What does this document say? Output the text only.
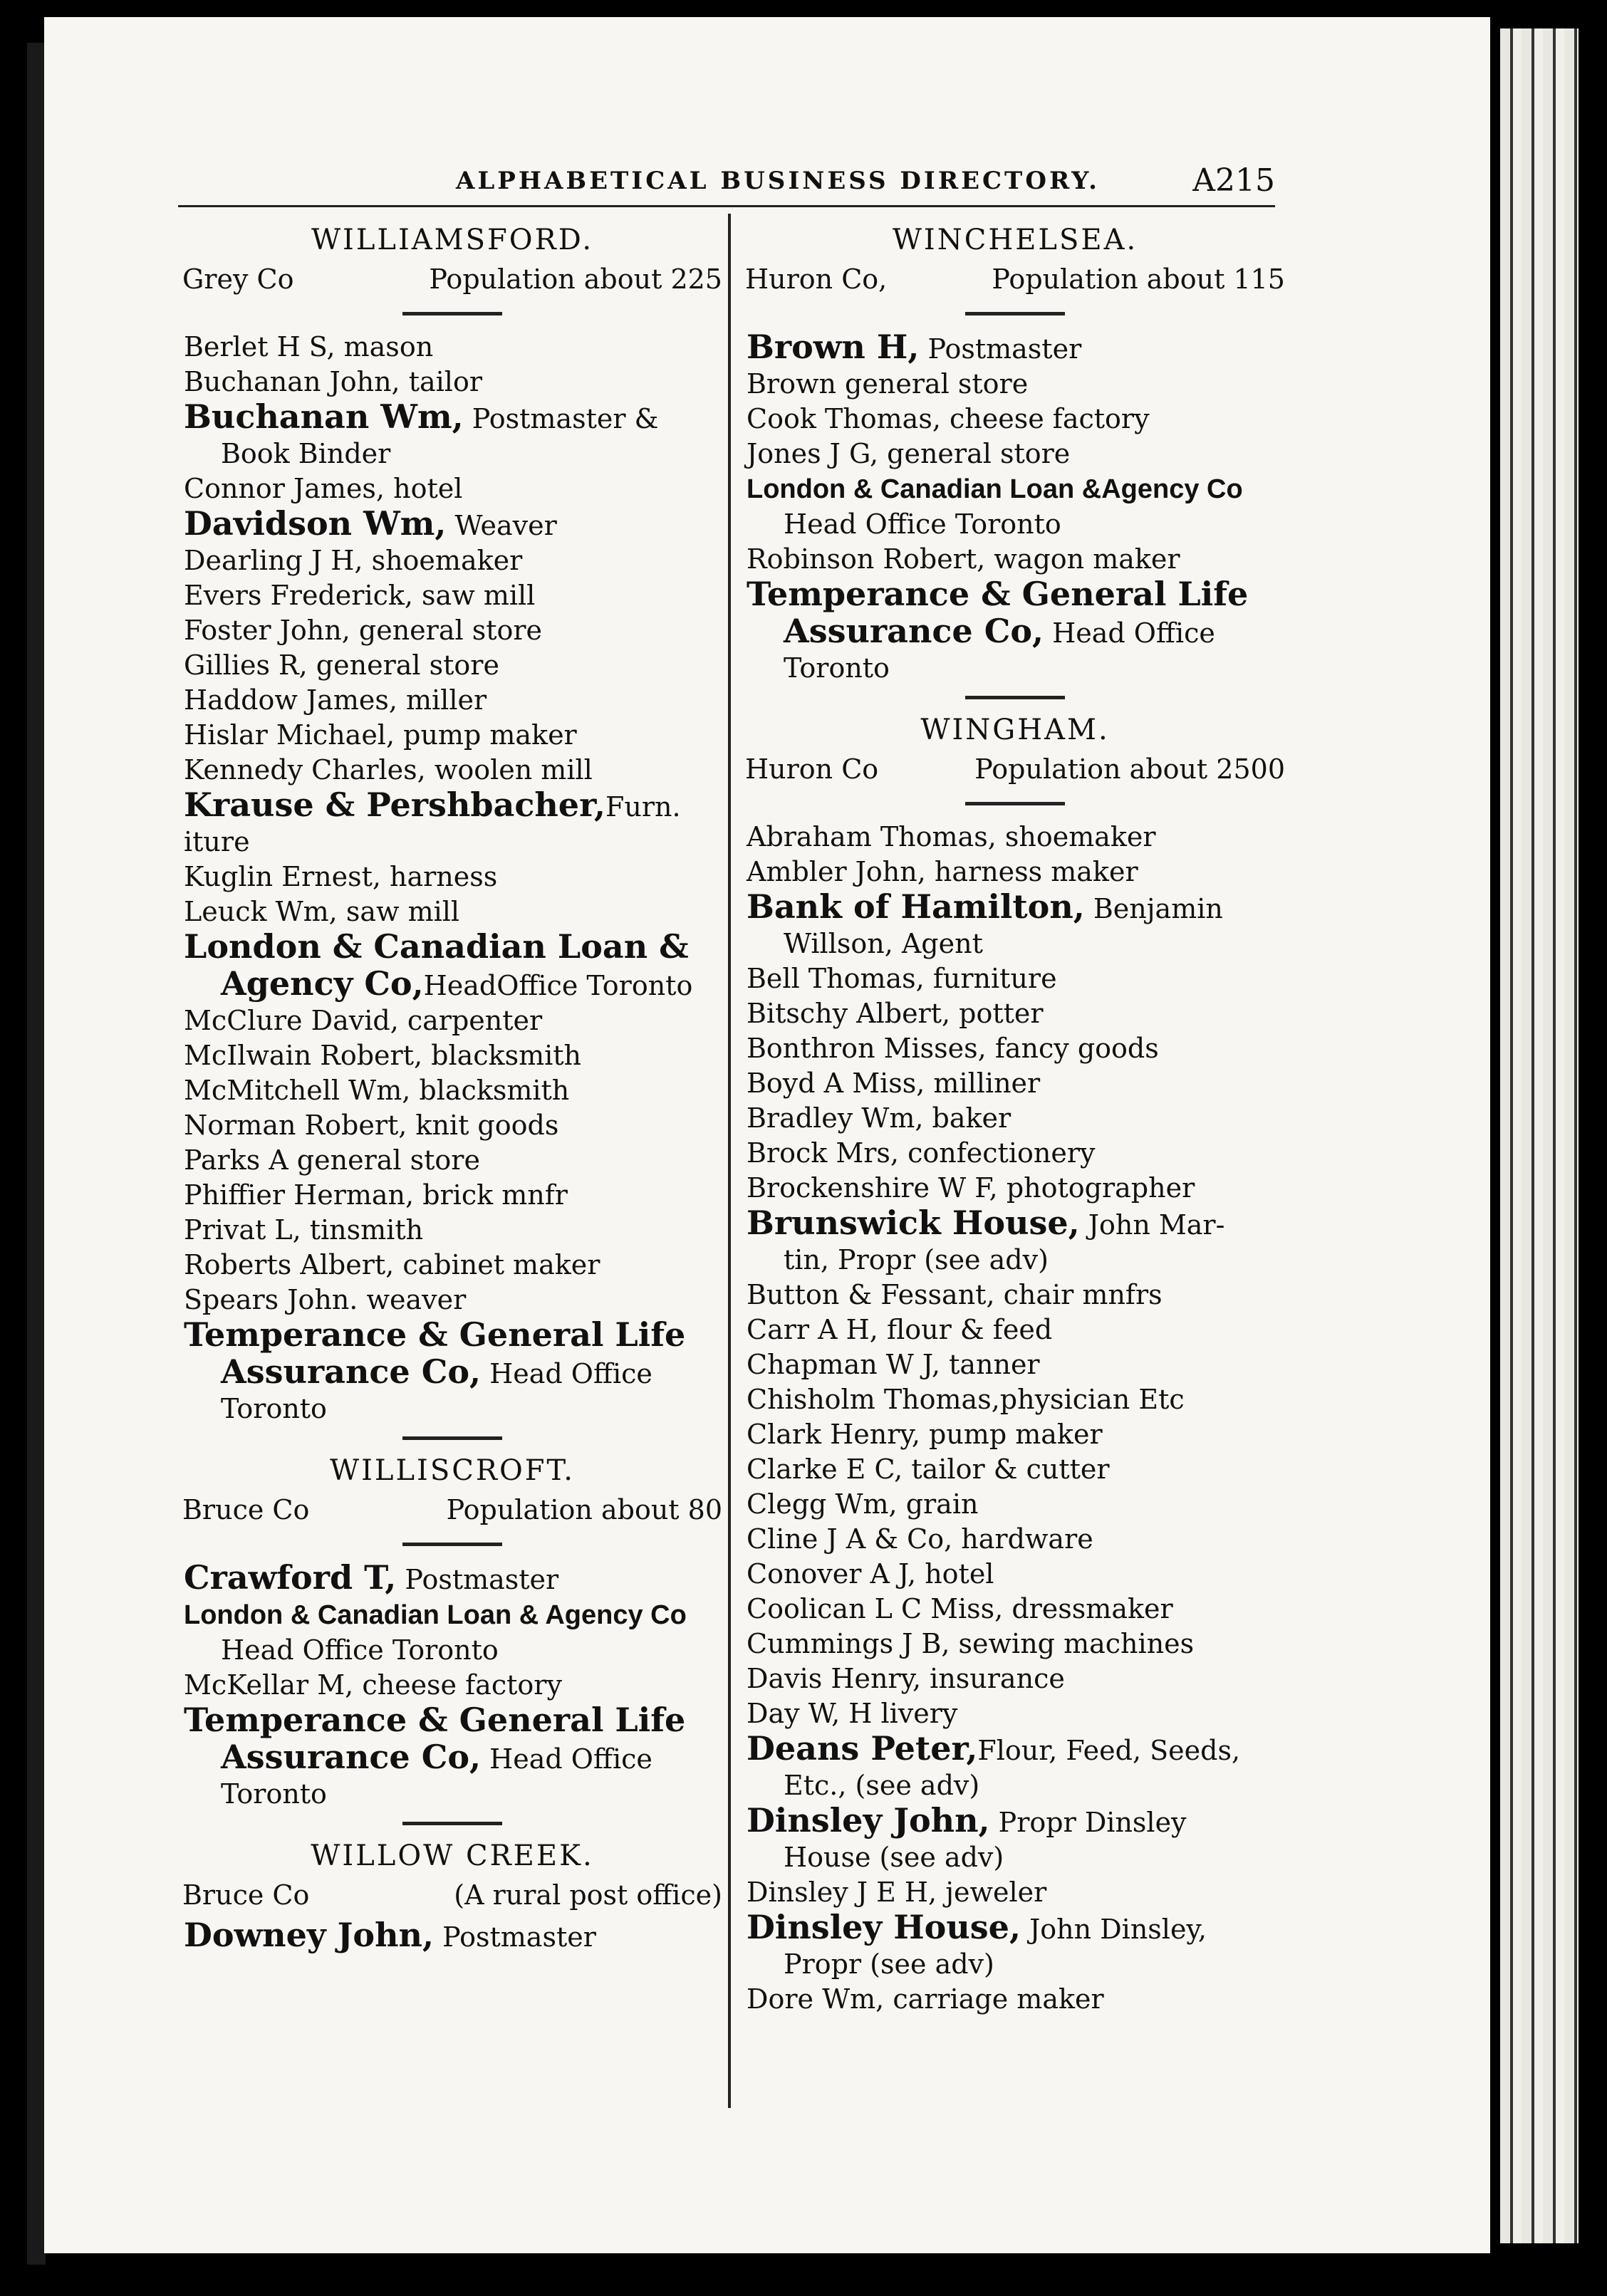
ALPHABETICAL BUSINESS DIRECTORY.	A215
WILLIAMSFORD.
Grey Co	Population about 225
Berlet H S, mason
Buchanan John, tailor
Buchanan Wm, Postmaster &
Book Binder
Connor James, hotel
Davidson Wm, Weaver
Dearling J H, shoemaker
Evers Frederick, saw mill
Foster John, general store
Gillies R, general store
Haddow James, miller
Hislar Michael, pump maker
Kennedy Charles, woolen mill
Krause & Pershbacher,Furn.
iture
Kuglin Ernest, harness
Leuck Wm, saw mill
London & Canadian Loan &
Agency Co,HeadOffice Toronto
McClure David, carpenter
McIlwain Robert, blacksmith
McMitchell Wm, blacksmith
Norman Robert, knit goods
Parks A general store
Phiffier Herman, brick mnfr
Privat L, tinsmith
Roberts Albert, cabinet maker
Spears John. weaver
Temperance & General Life
Assurance Co, Head Office
Toronto
WILLISCROFT.
Bruce Co	Population about 80
Crawford T, Postmaster
London & Canadian Loan & Agency Co
Head Office Toronto
McKellar M, cheese factory
Temperance & General Life
Assurance Co, Head Office
Toronto
WILLOW CREEK.
Bruce Co	(A rural post office)
Downey John, Postmaster
WINCHELSEA.
Huron Co,	Population about 115
Brown H, Postmaster
Brown general store
Cook Thomas, cheese factory
Jones J G, general store
London & Canadian Loan &Agency Co
Head Office Toronto
Robinson Robert, wagon maker
Temperance & General Life
Assurance Co, Head Office
Toronto
WINGHAM.
Huron Co	Population about 2500
Abraham Thomas, shoemaker
Ambler John, harness maker
Bank of Hamilton, Benjamin
Willson, Agent
Bell Thomas, furniture
Bitschy Albert, potter
Bonthron Misses, fancy goods
Boyd A Miss, milliner
Bradley Wm, baker
Brock Mrs, confectionery
Brockenshire W F, photographer
Brunswick House, John Mar-
tin, Propr (see adv)
Button & Fessant, chair mnfrs
Carr A H, flour & feed
Chapman W J, tanner
Chisholm Thomas,physician Etc
Clark Henry, pump maker
Clarke E C, tailor & cutter
Clegg Wm, grain
Cline J A & Co, hardware
Conover A J, hotel
Coolican L C Miss, dressmaker
Cummings J B, sewing machines
Davis Henry, insurance
Day W, H livery
Deans Peter,Flour, Feed, Seeds,
Etc., (see adv)
Dinsley John, Propr Dinsley
House (see adv)
Dinsley J E H, jeweler
Dinsley House, John Dinsley,
Propr (see adv)
Dore Wm, carriage maker
